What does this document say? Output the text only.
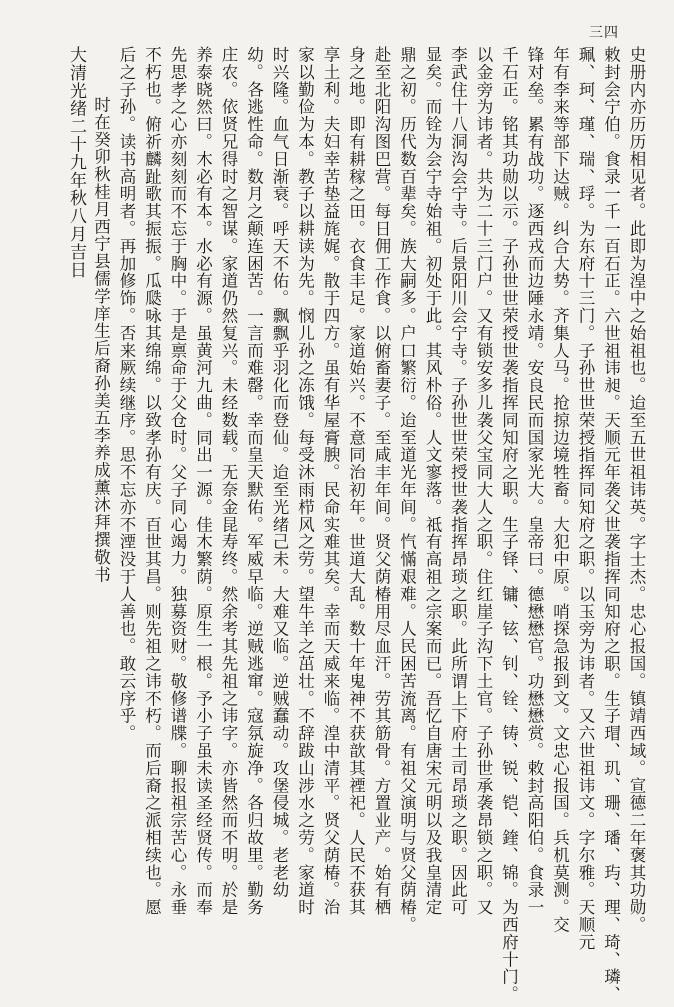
三四
史册内亦历历相见者。此即为湟中之始祖也。迨至五世祖讳英。字士杰。忠心报国。镇靖西域。宣德二年褒其功勋。
敕封会宁伯。食录一千一百石正。六世祖讳昶。天顺元年袭父世袭指挥同知府之职。生子瑁、玑、珊、璠、玙、理、琦、璘、
珮、珂、瑾、瑞、琈。为东府十三门。子孙世世荣授指挥同知府之职。以玉旁为讳者。又六世祖讳文。字尔雅。天顺元
年有李来等部下达贼。纠合大势。齐集人马。抢掠边境牲畜。大犯中原。哨探急报到文。文忠心报国。兵机莫测。交
锋对垒。累有战功。逐西戎而边陲永靖。安良民而国家光大。皇帝曰。德懋懋官。功懋懋赏。敕封高阳伯。食录一
千石正。铭其功勋以示。子孙世世荣授世袭指挥同知府之职。生子铎、镛、铉、钊、铨、铸、锐、铠、鍷、锦。为西府十门。
以金旁为讳者。共为二十三门户。又有锁安多儿袭父宝同大人之职。住红崖子沟下土官。子孙世承袭昂锁之职。又
李武住十八洞沟会宁寺。后景阳川会宁寺。子孙世世荣授世袭指挥昂琐之职。此所谓上下府土司昂琐之职。因此可
显矣。而铨为会宁寺始祖。初处于此。其风朴俗。人文寥落。祗有高祖之宗案而已。吾忆自唐宋元明以及我皇清定
鼎之初。历代数百辈矣。族大嗣多。户口繁衍。迨至道光年间。忾慲艰难。人民困苦流离。有祖父演明与贤父荫椿。
赴至北阳沟图巴营。每日佣工作食。以俯畜妻子。至咸丰年间。贤父荫椿用尽血汗。劳其筋骨。方置业产。始有栖
身之地。即有耕稼之田。衣食丰足。家道始兴。不意同治初年。世道大乱。数十年鬼神不获歆其禋祀。人民不获其
享土利。夫妇幸苦垫益旄娓。散于四方。虽有华屋膏腴。民命实难其矣。幸而天威来临。湟中清平。贤父荫椿。治
家以勤俭为本。教子以耕读为先。悯儿孙之冻饿。每受沐雨栉风之劳。望牛羊之茁壮。不辞跋山涉水之劳。家道时
时兴隆。血气日渐衰。呼天不佑。飘飘乎羽化而登仙。迨至光绪己未。大难又临。逆贼蠢动。攻堡侵城。老老幼
幼。各逃性命。数月之颠连困苦。一言而难罄。幸而皇天默佑。军威早临。逆贼逃窜。寇氛旋净。各归故里。勤务
庄农。依贤兄得时之智谋。家道仍然复兴。未经数载。无奈金昆寿终。然余考其先祖之讳字。亦皆然而不明。於是
养泰晓然曰。木必有本。水必有源。虽黄河九曲。同出一源。佳木繁荫。原生一根。予小子虽未读圣经贤传。而奉
先思孝之心亦刻刻而不忘于胸中。于是禀命于父仓时。父子同心竭力。独募资财。敬修谱牒。聊报祖宗苦心。永垂
不朽也。俯祈麟趾歌其振振。瓜瓞咏其绵绵。以致孝孙有庆。百世其昌。则先祖之讳不朽。而后裔之派相续也。愿
后之子孙。读书高明者。再加修饰。否来厥续继序。思不忘亦不湮没于人善也。敢云序乎。
时在癸卯秋桂月西宁县儒学庠生后裔孙美五李养成薰沐拜撰敬书
大清光绪二十九年秋八月吉日
